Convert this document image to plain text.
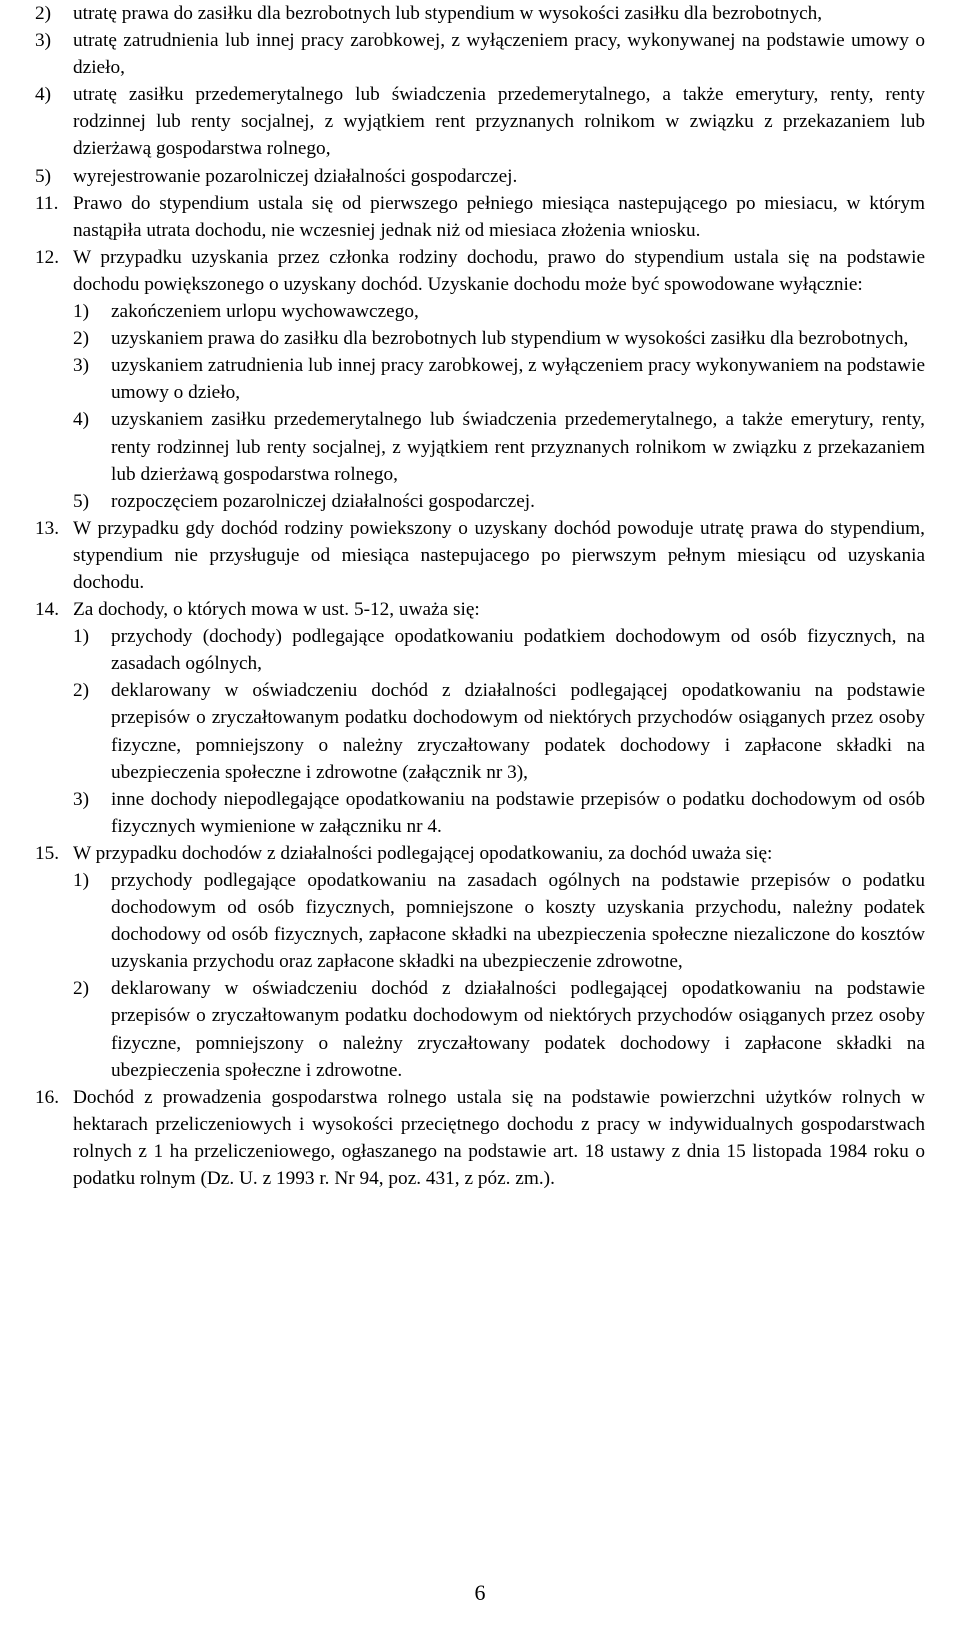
2) utratę prawa do zasiłku dla bezrobotnych lub stypendium w wysokości zasiłku dla bezrobotnych,
3) utratę zatrudnienia lub innej pracy zarobkowej, z wyłączeniem pracy, wykonywanej na podstawie umowy o dzieło,
4) utratę zasiłku przedemerytalnego lub świadczenia przedemerytalnego, a także emerytury, renty, renty rodzinnej lub renty socjalnej, z wyjątkiem rent przyznanych rolnikom w związku z przekazaniem lub dzierżawą gospodarstwa rolnego,
5) wyrejestrowanie pozarolniczej działalności gospodarczej.
11. Prawo do stypendium ustala się od pierwszego pełniego miesiąca nastepującego po miesiacu, w którym nastąpiła utrata dochodu, nie wczesniej jednak niż od miesiaca złożenia wniosku.
12. W przypadku uzyskania przez członka rodziny dochodu, prawo do stypendium ustala się na podstawie dochodu powiększonego o uzyskany dochód. Uzyskanie dochodu może być spowodowane wyłącznie:
1) zakończeniem urlopu wychowawczego,
2) uzyskaniem prawa do zasiłku dla bezrobotnych lub stypendium w wysokości zasiłku dla bezrobotnych,
3) uzyskaniem zatrudnienia lub innej pracy zarobkowej, z wyłączeniem pracy wykonywaniem na podstawie umowy o dzieło,
4) uzyskaniem zasiłku przedemerytalnego lub świadczenia przedemerytalnego, a także emerytury, renty, renty rodzinnej lub renty socjalnej, z wyjątkiem rent przyznanych rolnikom w związku z przekazaniem lub dzierżawą gospodarstwa rolnego,
5) rozpoczęciem pozarolniczej działalności gospodarczej.
13. W przypadku gdy dochód rodziny powiekszony o uzyskany dochód powoduje utratę prawa do stypendium, stypendium nie przysługuje od miesiąca nastepujacego po pierwszym pełnym miesiącu od uzyskania dochodu.
14. Za dochody, o których mowa w ust. 5-12, uważa się:
1) przychody (dochody) podlegające opodatkowaniu podatkiem dochodowym od osób fizycznych, na zasadach ogólnych,
2) deklarowany w oświadczeniu dochód z działalności podlegającej opodatkowaniu na podstawie przepisów o zryczałtowanym podatku dochodowym od niektórych przychodów osiąganych przez osoby fizyczne, pomniejszony o należny zryczałtowany podatek dochodowy i zapłacone składki na ubezpieczenia społeczne i zdrowotne (załącznik nr 3),
3) inne dochody niepodlegające opodatkowaniu na podstawie przepisów o podatku dochodowym od osób fizycznych wymienione w załączniku nr 4.
15. W przypadku dochodów z działalności podlegającej opodatkowaniu, za dochód uważa się:
1) przychody podlegające opodatkowaniu na zasadach ogólnych na podstawie przepisów o podatku dochodowym od osób fizycznych, pomniejszone o koszty uzyskania przychodu, należny podatek dochodowy od osób fizycznych, zapłacone składki na ubezpieczenia społeczne niezaliczone do kosztów uzyskania przychodu oraz zapłacone składki na ubezpieczenie zdrowotne,
2) deklarowany w oświadczeniu dochód z działalności podlegającej opodatkowaniu na podstawie przepisów o zryczałtowanym podatku dochodowym od niektórych przychodów osiąganych przez osoby fizyczne, pomniejszony o należny zryczałtowany podatek dochodowy i zapłacone składki na ubezpieczenia społeczne i zdrowotne.
16. Dochód z prowadzenia gospodarstwa rolnego ustala się na podstawie powierzchni użytków rolnych w hektarach przeliczeniowych i wysokości przeciętnego dochodu z pracy w indywidualnych gospodarstwach rolnych z 1 ha przeliczeniowego, ogłaszanego na podstawie art. 18 ustawy z dnia 15 listopada 1984 roku o podatku rolnym (Dz. U. z 1993 r. Nr 94, poz. 431, z póz. zm.).
6
